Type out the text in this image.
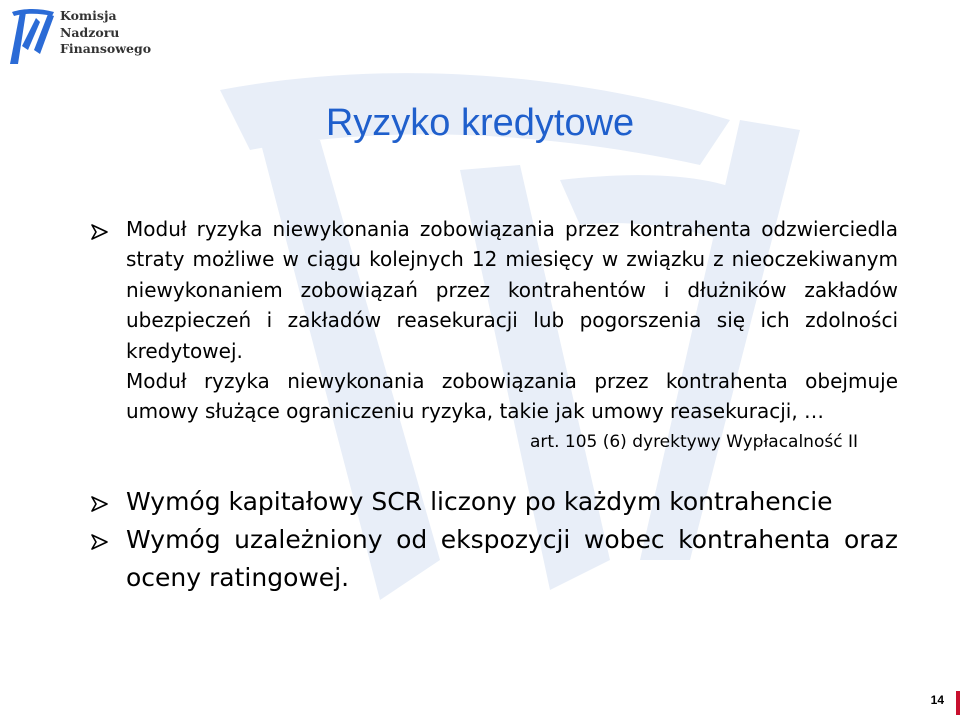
Komisja
Nadzoru
Finansowego
Ryzyko kredytowe
Moduł ryzyka niewykonania zobowiązania przez kontrahenta odzwierciedla straty możliwe w ciągu kolejnych 12 miesięcy w związku z nieoczekiwanym niewykonaniem zobowiązań przez kontrahentów i dłużników zakładów ubezpieczeń i zakładów reasekuracji lub pogorszenia się ich zdolności kredytowej.
Moduł ryzyka niewykonania zobowiązania przez kontrahenta obejmuje umowy służące ograniczeniu ryzyka, takie jak umowy reasekuracji, …
art. 105 (6) dyrektywy Wypłacalność II
Wymóg kapitałowy SCR liczony po każdym kontrahencie
Wymóg uzależniony od ekspozycji wobec kontrahenta oraz oceny ratingowej.
14
